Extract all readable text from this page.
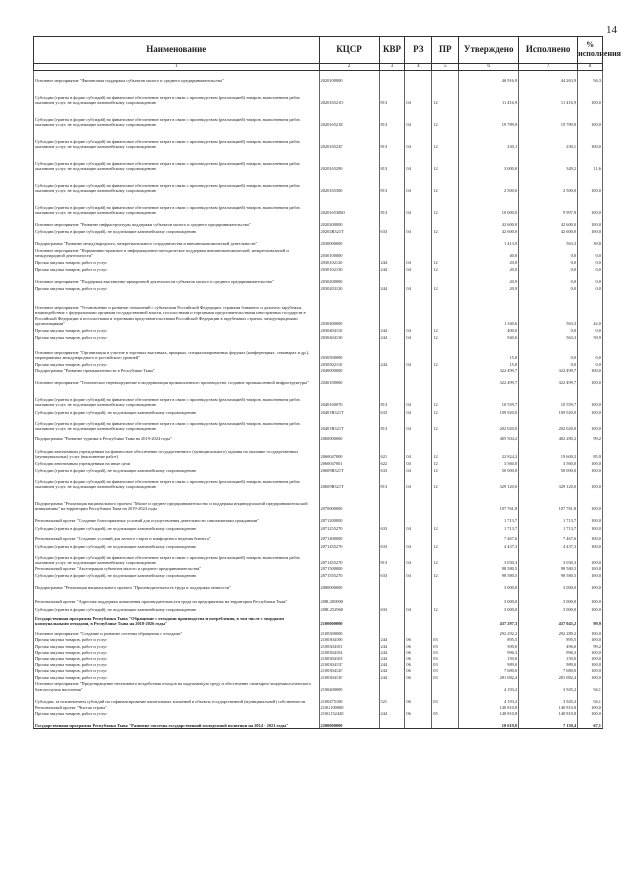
14
Наименование	КЦСР	КВР	РЗ	ПР	Утверждено	Исполнено	% исполнения
1	2	3	4	5	6	7	8
Основное мероприятие "Финансовая поддержка субъектов малого и среднего предпринимательства"	2020100000				46 916,9	44 263,9	94,3
Субсидии (гранты в форме субсидий) на финансовое обеспечение затрат в связи с производством (реализацией) товаров, выполнением работ, оказанием услуг, не подлежащие казначейскому сопровождению	202016521О	813	04	12	11 416,9	11 416,9	100,0
Субсидии (гранты в форме субсидий) на финансовое обеспечение затрат в связи с производством (реализацией) товаров, выполнением работ, оказанием услуг, не подлежащие казначейскому сопровождению	202016521Е	813	04	12	19 789,9	19 789,9	100,0
Субсидии (гранты в форме субсидий) на финансовое обеспечение затрат в связи с производством (реализацией) товаров, выполнением работ, оказанием услуг, не подлежащие казначейскому сопровождению	202016523Г	813	04	12	230,1	230,1	100,0
Субсидии (гранты в форме субсидий) на финансовое обеспечение затрат в связи с производством (реализацией) товаров, выполнением работ, оказанием услуг, не подлежащие казначейскому сопровождению	2020165290	813	04	12	3 000,0	349,2	11,6
Субсидии (гранты в форме субсидий) на финансовое обеспечение затрат в связи с производством (реализацией) товаров, выполнением работ, оказанием услуг, не подлежащие казначейскому сопровождению	2020165300	813	04	12	2 500,0	2 500,0	100,0
Субсидии (гранты в форме субсидий) на финансовое обеспечение затрат в связи с производством (реализацией) товаров, выполнением работ, оказанием услуг, не подлежащие казначейскому сопровождению	202016530Ю	813	04	12	10 000,0	9 997,8	100,0
Основное мероприятие "Развитие инфраструктуры поддержки субъектов малого и среднего предпринимательства"	2020200000				42 600,0	42 600,0	100,0
Субсидии (гранты в форме субсидий), не подлежащие казначейскому сопровождению	20202R321Т	633	04	12	42 600,0	42 600,0	100,0
Подпрограмма "Развитие международного, межрегионального сотрудничества и внешнеэкономической деятельности"	2030000000				1 413,9	563,3	39,8
Основное мероприятие "Нормативно-правовое и информационно-методическое поддержка внешнеэкономической, межрегиональной и международной деятельности"	2030100000				40,0	0,0	0,0
Прочая закупка товаров, работ и услуг	2030102120	244	04	12	20,0	0,0	0,0
Прочая закупка товаров, работ и услуг	2030102130	244	04	12	20,0	0,0	0,0
Основное мероприятие "Поддержка выставочно-ярмарочной деятельности субъектов малого и среднего предпринимательства"	2030200000				20,9	0,0	0,0
Прочая закупка товаров, работ и услуг	2030203120	244	04	12	20,9	0,0	0,0
Основное мероприятие "Установление и развитие отношений с субъектами Российской Федерации, странами ближнего и дальнего зарубежья, взаимодействие с федеральными органами государственной власти, посольствами и торговыми представительствами иностранных государств в Российской Федерации и посольствами и торговыми представительствами Российской Федерации в зарубежных странах, международными организациями"	2030400000				1 340,6	563,3	42,0
Прочая закупка товаров, работ и услуг	2030404110	244	04	12	400,0	0,0	0,0
Прочая закупка товаров, работ и услуг	2030404130	244	04	12	940,6	563,3	59,9
Основное мероприятие "Организация и участие в торговых выставках, ярмарках, специализированных форумах (конференциях, семинарах и др.), мероприятиях международного и российского уровней"	2030500000				15,0	0,0	0,0
Прочая закупка товаров, работ и услуг	2030502110	244	04	12	15,0	0,0	0,0
Подпрограмма "Развитие промышленности в Республике Тыва"	2040000000				322 499,7	322 499,7	100,0
Основное мероприятие "Техническое перевооружение и модернизация промышленного производства, создание промышленной инфраструктуры"	2040100000				322 499,7	322 499,7	100,0
Субсидии (гранты в форме субсидий) на финансовое обеспечение затрат в связи с производством (реализацией) товаров, выполнением работ, оказанием услуг, не подлежащие казначейскому сопровождению	2040160070	813	04	12	10 559,7	10 559,7	100,0
Субсидии (гранты в форме субсидий), не подлежащие казначейскому сопровождению	20401R321Т	633	04	12	109 920,0	109 920,0	100,0
Субсидии (гранты в форме субсидий) на финансовое обеспечение затрат в связи с производством (реализацией) товаров, выполнением работ, оказанием услуг, не подлежащие казначейскому сопровождению	20401R321Т	813	04	12	202 020,0	202 020,0	100,0
Подпрограмма "Развитие туризма в Республике Тыва на 2019-2024 годы"	2060000000				405 504,2	402 280,2	99,2
Субсидии автономным учреждениям на финансовое обеспечение государственного (муниципального) задания на оказание государственных (муниципальных) услуг (выполнение работ)	2060047000	621	04	12	22 824,2	19 600,2	85,9
Субсидии автономным учреждениям на иные цели	2060047001	622	04	12	3 560,0	3 560,0	100,0
Субсидии (гранты в форме субсидий), не подлежащие казначейскому сопровождению	20609R321Т	633	04	12	50 000,0	50 000,0	100,0
Субсидии (гранты в форме субсидий) на финансовое обеспечение затрат в связи с производством (реализацией) товаров, выполнением работ, оказанием услуг, не подлежащие казначейскому сопровождению	20609R321Т	813	04	12	329 120,0	329 120,0	100,0
Подпрограмма "Реализация национального проекта "Малое и среднее предпринимательство и поддержка индивидуальной предпринимательской инициативы" на территории Республики Тыва на 2019-2024 годы	2070000000				107 761,8	107 761,8	100,0
Региональный проект "Создание благоприятных условий для осуществления деятельности самозанятыми гражданами"	2071200000				1 713,7	1 713,7	100,0
Субсидии (гранты в форме субсидий), не подлежащие казначейскому сопровождению	2071255270	633	04	12	1 713,7	1 713,7	100,0
Региональный проект "Создание условий для легкого старта и комфортного ведения бизнеса"	2071400000				7 467,6	7 467,6	100,0
Субсидии (гранты в форме субсидий), не подлежащие казначейскому сопровождению	2071455270	633	04	12	4 437,3	4 437,3	100,0
Субсидии (гранты в форме субсидий) на финансовое обеспечение затрат в связи с производством (реализацией) товаров, выполнением работ, оказанием услуг, не подлежащие казначейскому сопровождению	2071455270	813	04	12	3 030,3	3 030,3	100,0
Региональный проект "Акселерация субъектов малого и среднего предпринимательства"	2071500000				98 580,5	98 580,5	100,0
Субсидии (гранты в форме субсидий), не подлежащие казначейскому сопровождению	2071555270	633	04	12	98 580,5	98 580,5	100,0
Подпрограмма "Реализация национального проекта "Производительность труда и поддержка занятости"	2080000000				3 000,0	3 000,0	100,0
Региональный проект "Адресная поддержка повышения производительности труда на предприятиях на территории Республики Тыва"	208L200000				3 000,0	3 000,0	100,0
Субсидии (гранты в форме субсидий), не подлежащие казначейскому сопровождению	208L252960	633	04	12	3 000,0	3 000,0	100,0
Государственная программа Республики Тыва "Обращение с отходами производства и потребления, в том числе с твердыми коммунальными отходами, в Республике Тыва на 2018-2026 годы"	2100000000				437 297,3	437 045,2	99,9
Основное мероприятие "Создание и развитие системы обращения с отходами"	2100300000				292 292,2	292 289,2	100,0
Прочая закупка товаров, работ и услуг	2100304100	244	06	03	895,5	895,5	100,0
Прочая закупка товаров, работ и услуг	2100304101	244	06	03	500,0	496,0	99,2
Прочая закупка товаров, работ и услуг	2100304102	244	06	03	996,3	996,3	100,0
Прочая закупка товаров, работ и услуг	2100304103	244	06	03	150,0	150,0	100,0
Прочая закупка товаров, работ и услуг	210030411Г	244	06	03	989,0	989,0	100,0
Прочая закупка товаров, работ и услуг	210030412Г	244	06	03	7 680,0	7 680,0	100,0
Прочая закупка товаров, работ и услуг	210030413Г	244	06	03	281 082,4	281 082,4	100,0
Основное мероприятие "Предотвращение негативного воздействия отходов на окружающую среду и обеспечение санитарно-эпидемиологического благополучия населения"	2100400000				4 193,2	3 945,2	94,1
Субсидии, за исключением субсидий на софинансирование капитальных вложений в объекты государственной (муниципальной) собственности	2100475100	521	06	03	4 193,2	3 945,2	94,1
Региональный проект "Чистая страна"	210G100000				140 810,8	140 810,8	100,0
Прочая закупка товаров, работ и услуг	210G152420	244	06	05	140 810,8	140 810,8	100,0
Государственная программа Республики Тыва "Развитие системы государственной молодежной политики на 2014 - 2021 годы"	2200000000				10 619,0	7 130,4	67,1
